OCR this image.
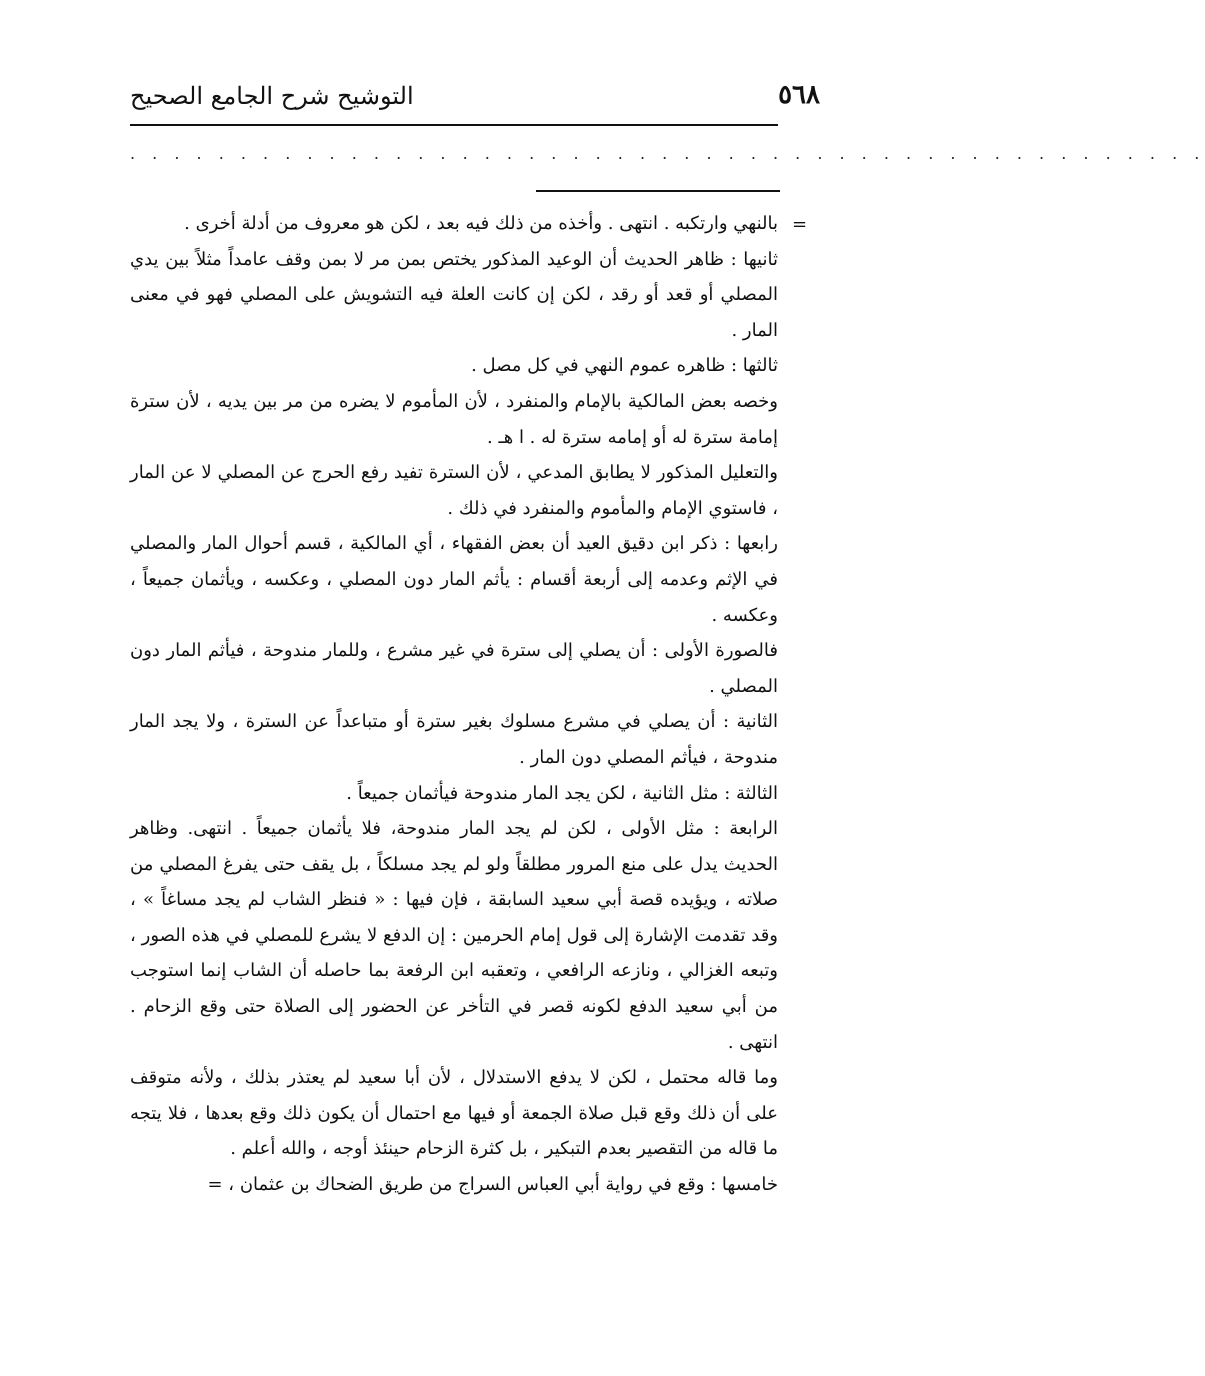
٥٦٨
التوشيح شرح الجامع الصحيح
. . . . . . . . . . . . . . . . . . . . . . . . . . . . . . . . . . . . . . . . . . . . . . . . .
=

بالنهي وارتكبه . انتهى . وأخذه من ذلك فيه بعد ، لكن هو معروف من أدلة أخرى .

ثانيها : ظاهر الحديث أن الوعيد المذكور يختص بمن مر لا بمن وقف عامداً مثلاً بين يدي المصلي أو قعد أو رقد ، لكن إن كانت العلة فيه التشويش على المصلي فهو في معنى المار .

ثالثها : ظاهره عموم النهي في كل مصل .

وخصه بعض المالكية بالإمام والمنفرد ، لأن المأموم لا يضره من مر بين يديه ، لأن سترة إمامة سترة له أو إمامه سترة له . ا هـ .

والتعليل المذكور لا يطابق المدعي ، لأن السترة تفيد رفع الحرج عن المصلي لا عن المار ، فاستوي الإمام والمأموم والمنفرد في ذلك .

رابعها : ذكر ابن دقيق العيد أن بعض الفقهاء ، أي المالكية ، قسم أحوال المار والمصلي في الإثم وعدمه إلى أربعة أقسام : يأثم المار دون المصلي ، وعكسه ، ويأثمان جميعاً ، وعكسه .

فالصورة الأولى : أن يصلي إلى سترة في غير مشرع ، وللمار مندوحة ، فيأثم المار دون المصلي .

الثانية : أن يصلي في مشرع مسلوك بغير سترة أو متباعداً عن السترة ، ولا يجد المار مندوحة ، فيأثم المصلي دون المار .

الثالثة : مثل الثانية ، لكن يجد المار مندوحة فيأثمان جميعاً .

الرابعة : مثل الأولى ، لكن لم يجد المار مندوحة، فلا يأثمان جميعاً . انتهى. وظاهر الحديث يدل على منع المرور مطلقاً ولو لم يجد مسلكاً ، بل يقف حتى يفرغ المصلي من صلاته ، ويؤيده قصة أبي سعيد السابقة ، فإن فيها : « فنظر الشاب لم يجد مساغاً » ، وقد تقدمت الإشارة إلى قول إمام الحرمين : إن الدفع لا يشرع للمصلي في هذه الصور ، وتبعه الغزالي ، ونازعه الرافعي ، وتعقبه ابن الرفعة بما حاصله أن الشاب إنما استوجب من أبي سعيد الدفع لكونه قصر في التأخر عن الحضور إلى الصلاة حتى وقع الزحام . انتهى .

وما قاله محتمل ، لكن لا يدفع الاستدلال ، لأن أبا سعيد لم يعتذر بذلك ، ولأنه متوقف على أن ذلك وقع قبل صلاة الجمعة أو فيها مع احتمال أن يكون ذلك وقع بعدها ، فلا يتجه ما قاله من التقصير بعدم التبكير ، بل كثرة الزحام حينئذ أوجه ، والله أعلم .

خامسها : وقع في رواية أبي العباس السراج من طريق الضحاك بن عثمان ، =
